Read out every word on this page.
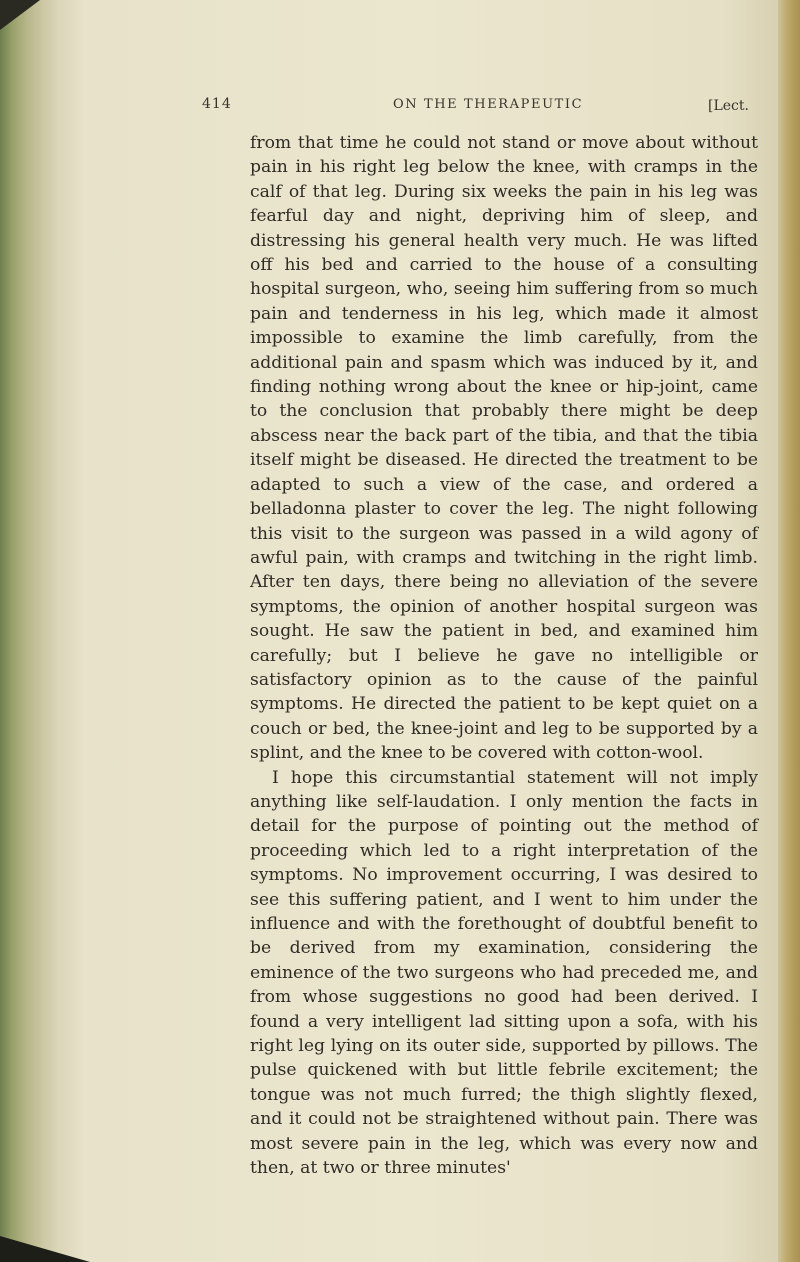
414	ON THE THERAPEUTIC	[Lect.
from that time he could not stand or move about without pain in his right leg below the knee, with cramps in the calf of that leg. During six weeks the pain in his leg was fearful day and night, depriving him of sleep, and distressing his general health very much. He was lifted off his bed and carried to the house of a consulting hospital surgeon, who, seeing him suffering from so much pain and tenderness in his leg, which made it almost impossible to examine the limb carefully, from the additional pain and spasm which was induced by it, and finding nothing wrong about the knee or hip-joint, came to the conclusion that probably there might be deep abscess near the back part of the tibia, and that the tibia itself might be diseased. He directed the treatment to be adapted to such a view of the case, and ordered a belladonna plaster to cover the leg. The night following this visit to the surgeon was passed in a wild agony of awful pain, with cramps and twitching in the right limb. After ten days, there being no alleviation of the severe symptoms, the opinion of another hospital surgeon was sought. He saw the patient in bed, and examined him carefully; but I believe he gave no intelligible or satisfactory opinion as to the cause of the painful symptoms. He directed the patient to be kept quiet on a couch or bed, the knee-joint and leg to be supported by a splint, and the knee to be covered with cotton-wool.
I hope this circumstantial statement will not imply anything like self-laudation. I only mention the facts in detail for the purpose of pointing out the method of proceeding which led to a right interpretation of the symptoms. No improvement occurring, I was desired to see this suffering patient, and I went to him under the influence and with the forethought of doubtful benefit to be derived from my examination, considering the eminence of the two surgeons who had preceded me, and from whose suggestions no good had been derived. I found a very intelligent lad sitting upon a sofa, with his right leg lying on its outer side, supported by pillows. The pulse quickened with but little febrile excitement; the tongue was not much furred; the thigh slightly flexed, and it could not be straightened without pain. There was most severe pain in the leg, which was every now and then, at two or three minutes'
